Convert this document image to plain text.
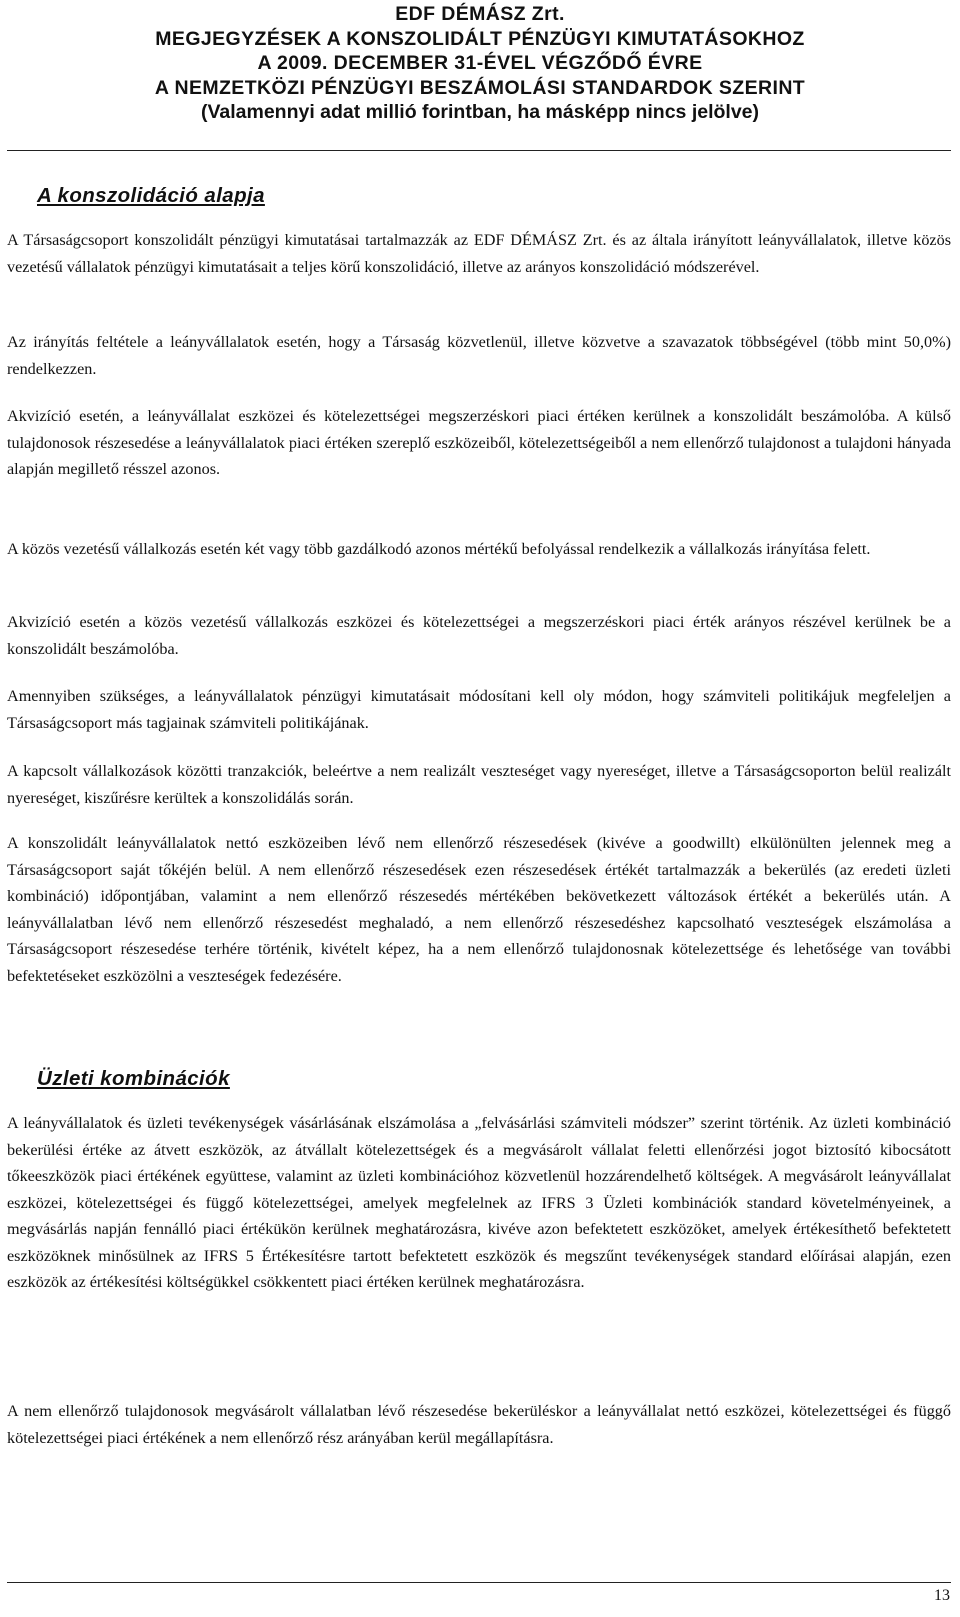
EDF DÉMÁSZ Zrt.
MEGJEGYZÉSEK A KONSZOLIDÁLT PÉNZÜGYI KIMUTATÁSOKHOZ
A 2009. DECEMBER 31-ÉVEL VÉGZŐDŐ ÉVRE
A NEMZETKÖZI PÉNZÜGYI BESZÁMOLÁSI STANDARDOK SZERINT
(Valamennyi adat millió forintban, ha másképp nincs jelölve)
A konszolidáció alapja

A Társaságcsoport konszolidált pénzügyi kimutatásai tartalmazzák az EDF DÉMÁSZ Zrt. és az általa irányított leányvállalatok, illetve közös vezetésű vállalatok pénzügyi kimutatásait a teljes körű konszolidáció, illetve az arányos konszolidáció módszerével.

Az irányítás feltétele a leányvállalatok esetén, hogy a Társaság közvetlenül, illetve közvetve a szavazatok többségével (több mint 50,0%) rendelkezzen.

Akvizíció esetén, a leányvállalat eszközei és kötelezettségei megszerzéskori piaci értéken kerülnek a konszolidált beszámolóba. A külső tulajdonosok részesedése a leányvállalatok piaci értéken szereplő eszközeiből, kötelezettségeiből a nem ellenőrző tulajdonost a tulajdoni hányada alapján megillető résszel azonos.

A közös vezetésű vállalkozás esetén két vagy több gazdálkodó azonos mértékű befolyással rendelkezik a vállalkozás irányítása felett.

Akvizíció esetén a közös vezetésű vállalkozás eszközei és kötelezettségei a megszerzéskori piaci érték arányos részével kerülnek be a konszolidált beszámolóba.

Amennyiben szükséges, a leányvállalatok pénzügyi kimutatásait módosítani kell oly módon, hogy számviteli politikájuk megfeleljen a Társaságcsoport más tagjainak számviteli politikájának.

A kapcsolt vállalkozások közötti tranzakciók, beleértve a nem realizált veszteséget vagy nyereséget, illetve a Társaságcsoporton belül realizált nyereséget, kiszűrésre kerültek a konszolidálás során.

A konszolidált leányvállalatok nettó eszközeiben lévő nem ellenőrző részesedések (kivéve a goodwillt) elkülönülten jelennek meg a Társaságcsoport saját tőkéjén belül. A nem ellenőrző részesedések ezen részesedések értékét tartalmazzák a bekerülés (az eredeti üzleti kombináció) időpontjában, valamint a nem ellenőrző részesedés mértékében bekövetkezett változások értékét a bekerülés után. A leányvállalatban lévő nem ellenőrző részesedést meghaladó, a nem ellenőrző részesedéshez kapcsolható veszteségek elszámolása a Társaságcsoport részesedése terhére történik, kivételt képez, ha a nem ellenőrző tulajdonosnak kötelezettsége és lehetősége van további befektetéseket eszközölni a veszteségek fedezésére.

Üzleti kombinációk

A leányvállalatok és üzleti tevékenységek vásárlásának elszámolása a „felvásárlási számviteli módszer” szerint történik. Az üzleti kombináció bekerülési értéke az átvett eszközök, az átvállalt kötelezettségek és a megvásárolt vállalat feletti ellenőrzési jogot biztosító kibocsátott tőkeeszközök piaci értékének együttese, valamint az üzleti kombinációhoz közvetlenül hozzárendelhető költségek. A megvásárolt leányvállalat eszközei, kötelezettségei és függő kötelezettségei, amelyek megfelelnek az IFRS 3 Üzleti kombinációk standard követelményeinek, a megvásárlás napján fennálló piaci értékükön kerülnek meghatározásra, kivéve azon befektetett eszközöket, amelyek értékesíthető befektetett eszközöknek minősülnek az IFRS 5 Értékesítésre tartott befektetett eszközök és megszűnt tevékenységek standard előírásai alapján, ezen eszközök az értékesítési költségükkel csökkentett piaci értéken kerülnek meghatározásra.

A nem ellenőrző tulajdonosok megvásárolt vállalatban lévő részesedése bekerüléskor a leányvállalat nettó eszközei, kötelezettségei és függő kötelezettségei piaci értékének a nem ellenőrző rész arányában kerül megállapításra.

13
